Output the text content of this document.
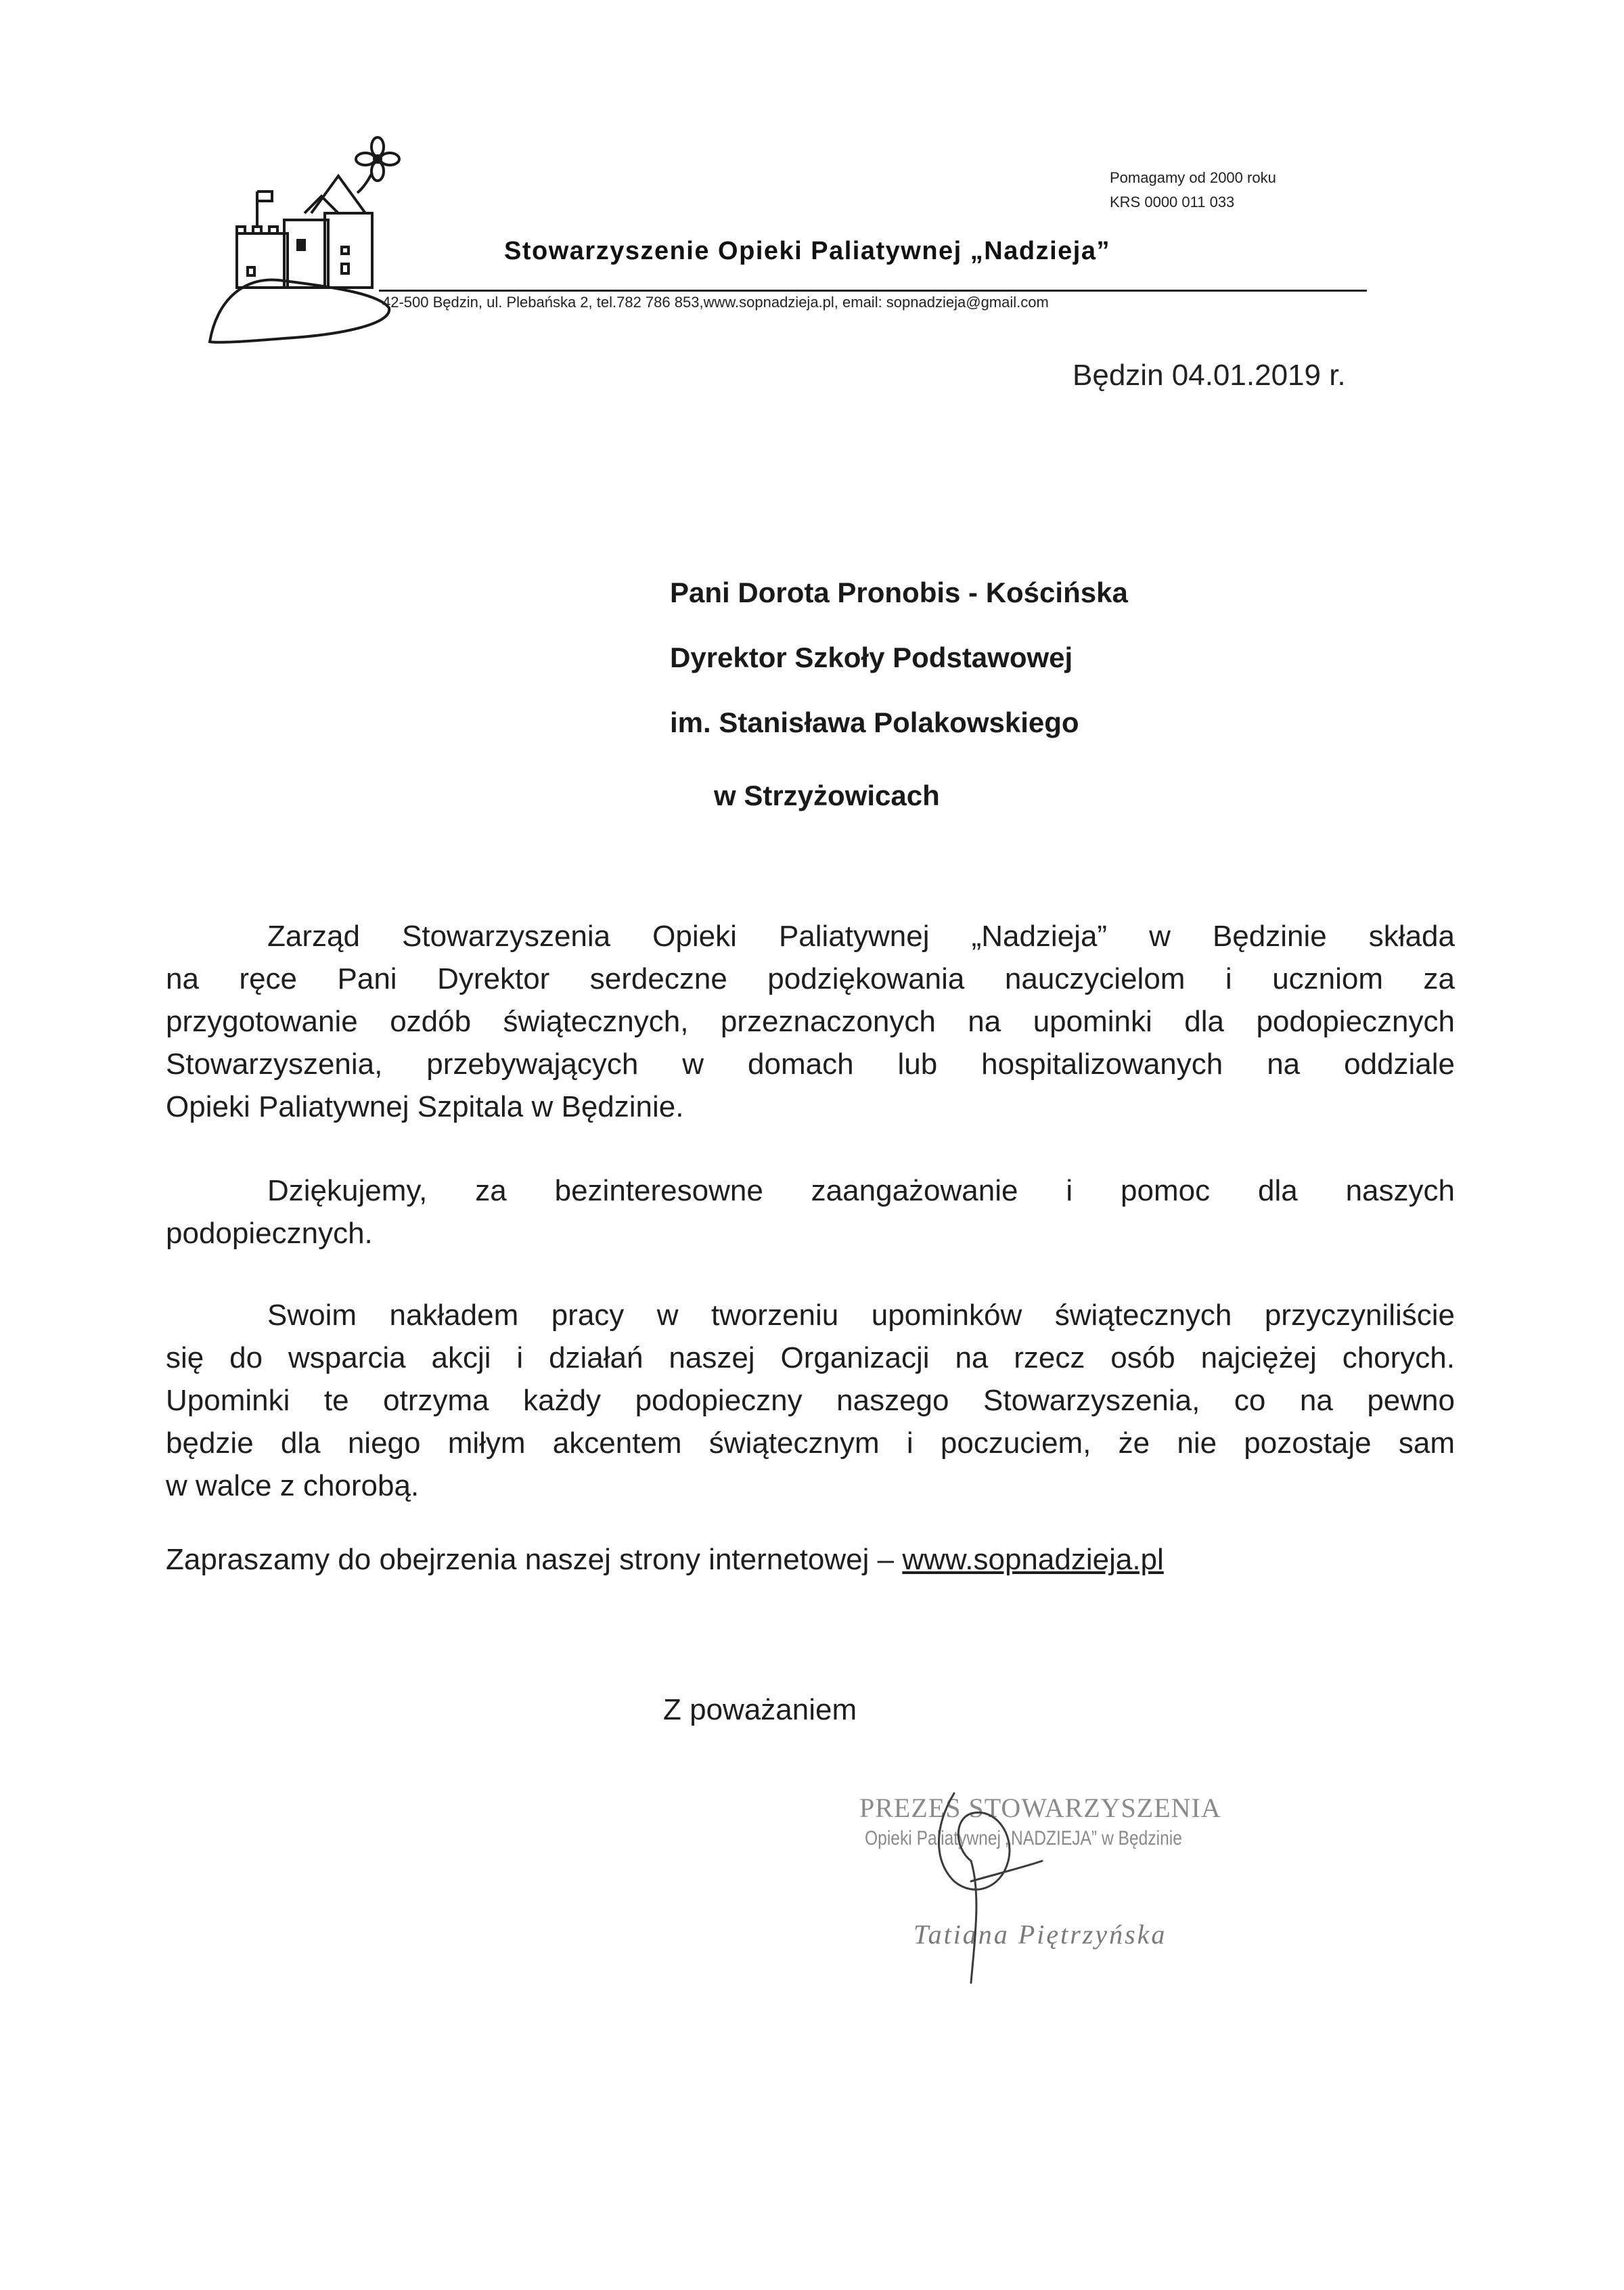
Pomagamy od 2000 roku
KRS 0000 011 033
Stowarzyszenie Opieki Paliatywnej „Nadzieja”
42-500 Będzin, ul. Plebańska 2, tel.782 786 853,www.sopnadzieja.pl, email: sopnadzieja@gmail.com
Będzin 04.01.2019 r.
Pani Dorota Pronobis - Kościńska
Dyrektor Szkoły Podstawowej
im. Stanisława Polakowskiego
w Strzyżowicach
Zarząd Stowarzyszenia Opieki Paliatywnej „Nadzieja” w Będzinie składa
na ręce Pani Dyrektor serdeczne podziękowania nauczycielom i uczniom za
przygotowanie ozdób świątecznych, przeznaczonych na upominki dla podopiecznych
Stowarzyszenia, przebywających w domach lub hospitalizowanych na oddziale
Opieki Paliatywnej Szpitala w Będzinie.
Dziękujemy, za bezinteresowne zaangażowanie i pomoc dla naszych
podopiecznych.
Swoim nakładem pracy w tworzeniu upominków świątecznych przyczyniliście
się do wsparcia akcji i działań naszej Organizacji na rzecz osób najciężej chorych.
Upominki te otrzyma każdy podopieczny naszego Stowarzyszenia, co na pewno
będzie dla niego miłym akcentem świątecznym i poczuciem, że nie pozostaje sam
w walce z chorobą.
Zapraszamy do obejrzenia naszej strony internetowej – www.sopnadzieja.pl
Z poważaniem
PREZES STOWARZYSZENIA
Opieki Paliatywnej „NADZIEJA” w Będzinie
Tatiana Piętrzyńska
